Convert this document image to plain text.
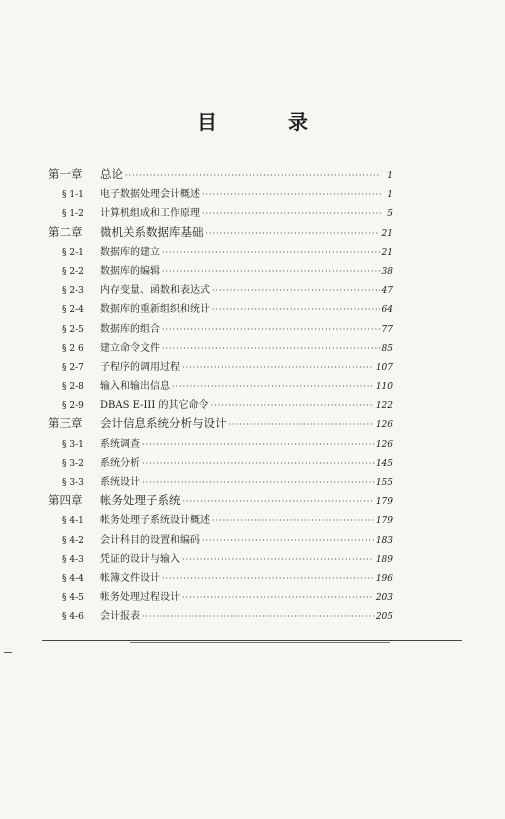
目 录
第一章	总论 ·····	1
§ 1-1	电子数据处理会计概述 ·····	1
§ 1-2	计算机组成和工作原理 ·····	5
第二章	微机关系数据库基础 ·····	21
§ 2-1	数据库的建立 ·····	21
§ 2-2	数据库的编辑 ·····	38
§ 2-3	内存变量、函数和表达式 ·····	47
§ 2-4	数据库的重新组织和统计 ·····	64
§ 2-5	数据库的组合 ·····	77
§ 2 6	建立命令文件 ·····	85
§ 2-7	子程序的调用过程 ·····	107
§ 2-8	输入和输出信息 ·····	110
§ 2-9	DBAS E-III 的其它命令 ·····	122
第三章	会计信息系统分析与设计 ·····	126
§ 3-1	系统调查 ·····	126
§ 3-2	系统分析 ·····	145
§ 3-3	系统设计 ·····	155
第四章	帐务处理子系统 ·····	179
§ 4-1	帐务处理子系统设计概述 ·····	179
§ 4-2	会计科目的设置和编码 ·····	183
§ 4-3	凭证的设计与输入 ·····	189
§ 4-4	帐簿文件设计 ·····	196
§ 4-5	帐务处理过程设计 ·····	203
§ 4-6	会计报表 ·····	205
